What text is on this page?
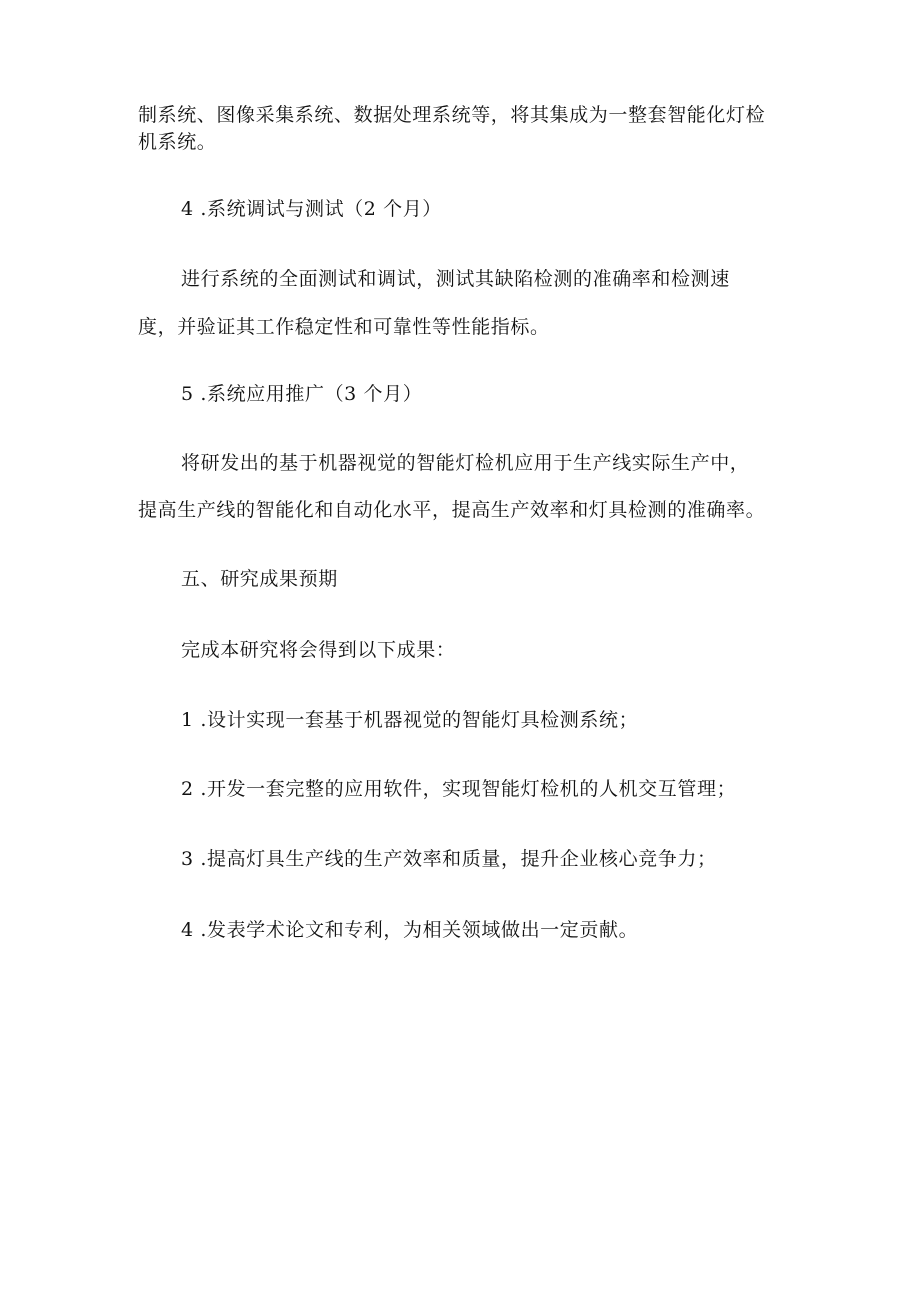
制系统、图像采集系统、数据处理系统等，将其集成为一整套智能化灯检
机系统。
4 .系统调试与测试（2 个月）
进行系统的全面测试和调试，测试其缺陷检测的准确率和检测速
度，并验证其工作稳定性和可靠性等性能指标。
5 .系统应用推广（3 个月）
将研发出的基于机器视觉的智能灯检机应用于生产线实际生产中，
提高生产线的智能化和自动化水平，提高生产效率和灯具检测的准确率。
五、研究成果预期
完成本研究将会得到以下成果：
1 .设计实现一套基于机器视觉的智能灯具检测系统；
2 .开发一套完整的应用软件，实现智能灯检机的人机交互管理；
3 .提高灯具生产线的生产效率和质量，提升企业核心竞争力；
4 .发表学术论文和专利，为相关领域做出一定贡献。
